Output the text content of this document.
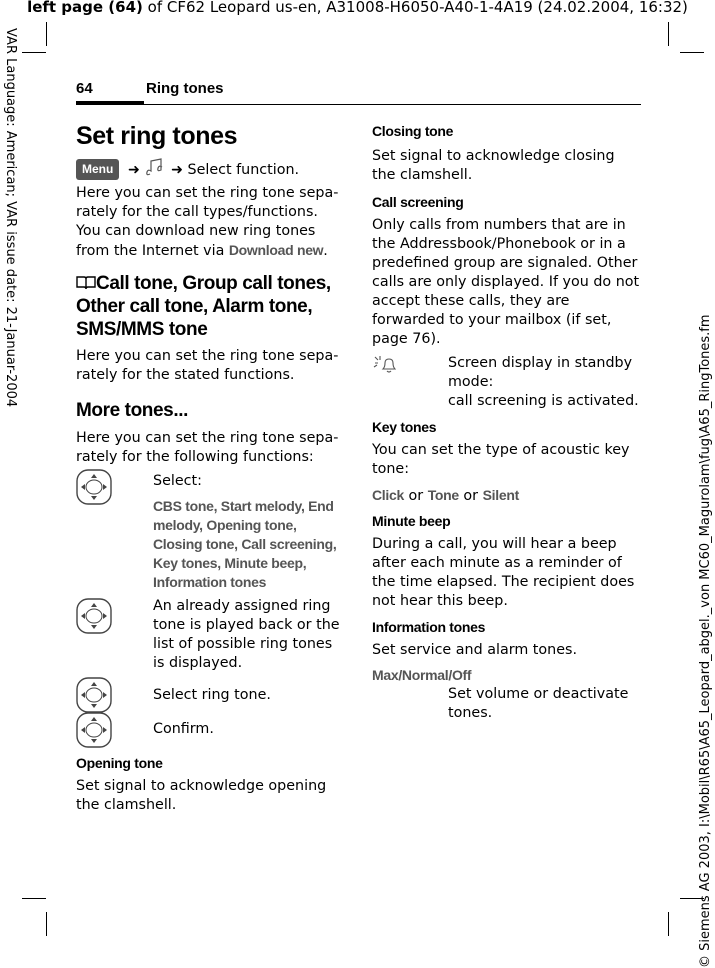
left page (64) of CF62 Leopard us-en, A31008-H6050-A40-1-4A19 (24.02.2004, 16:32)
VAR Language: American; VAR issue date: 21-Januar-2004
© Siemens AG 2003, I:\Mobil\R65\A65_Leopard_abgel._von MC60_Magurolam\fug\A65_RingTones.fm
64	Ring tones
Set ring tones
Menu ➜ ➜ Select function.
Here you can set the ring tone sepa-rately for the call types/functions. You can download new ring tones from the Internet via Download new.
Call tone, Group call tones, Other call tone, Alarm tone, SMS/MMS tone
Here you can set the ring tone sepa-rately for the stated functions.
More tones...
Here you can set the ring tone sepa-rately for the following functions:
Select:
CBS tone, Start melody, End melody, Opening tone, Closing tone, Call screening, Key tones, Minute beep, Information tones
An already assigned ring tone is played back or the list of possible ring tones is displayed.
Select ring tone.
Confirm.
Opening tone
Set signal to acknowledge opening the clamshell.
Closing tone
Set signal to acknowledge closing the clamshell.
Call screening
Only calls from numbers that are in the Addressbook/Phonebook or in a predefined group are signaled. Other calls are only displayed. If you do not accept these calls, they are forwarded to your mailbox (if set, page 76).
Screen display in standby mode:
call screening is activated.
Key tones
You can set the type of acoustic key tone:
Click or Tone or Silent
Minute beep
During a call, you will hear a beep after each minute as a reminder of the time elapsed. The recipient does not hear this beep.
Information tones
Set service and alarm tones.
Max/Normal/Off
Set volume or deactivate tones.
